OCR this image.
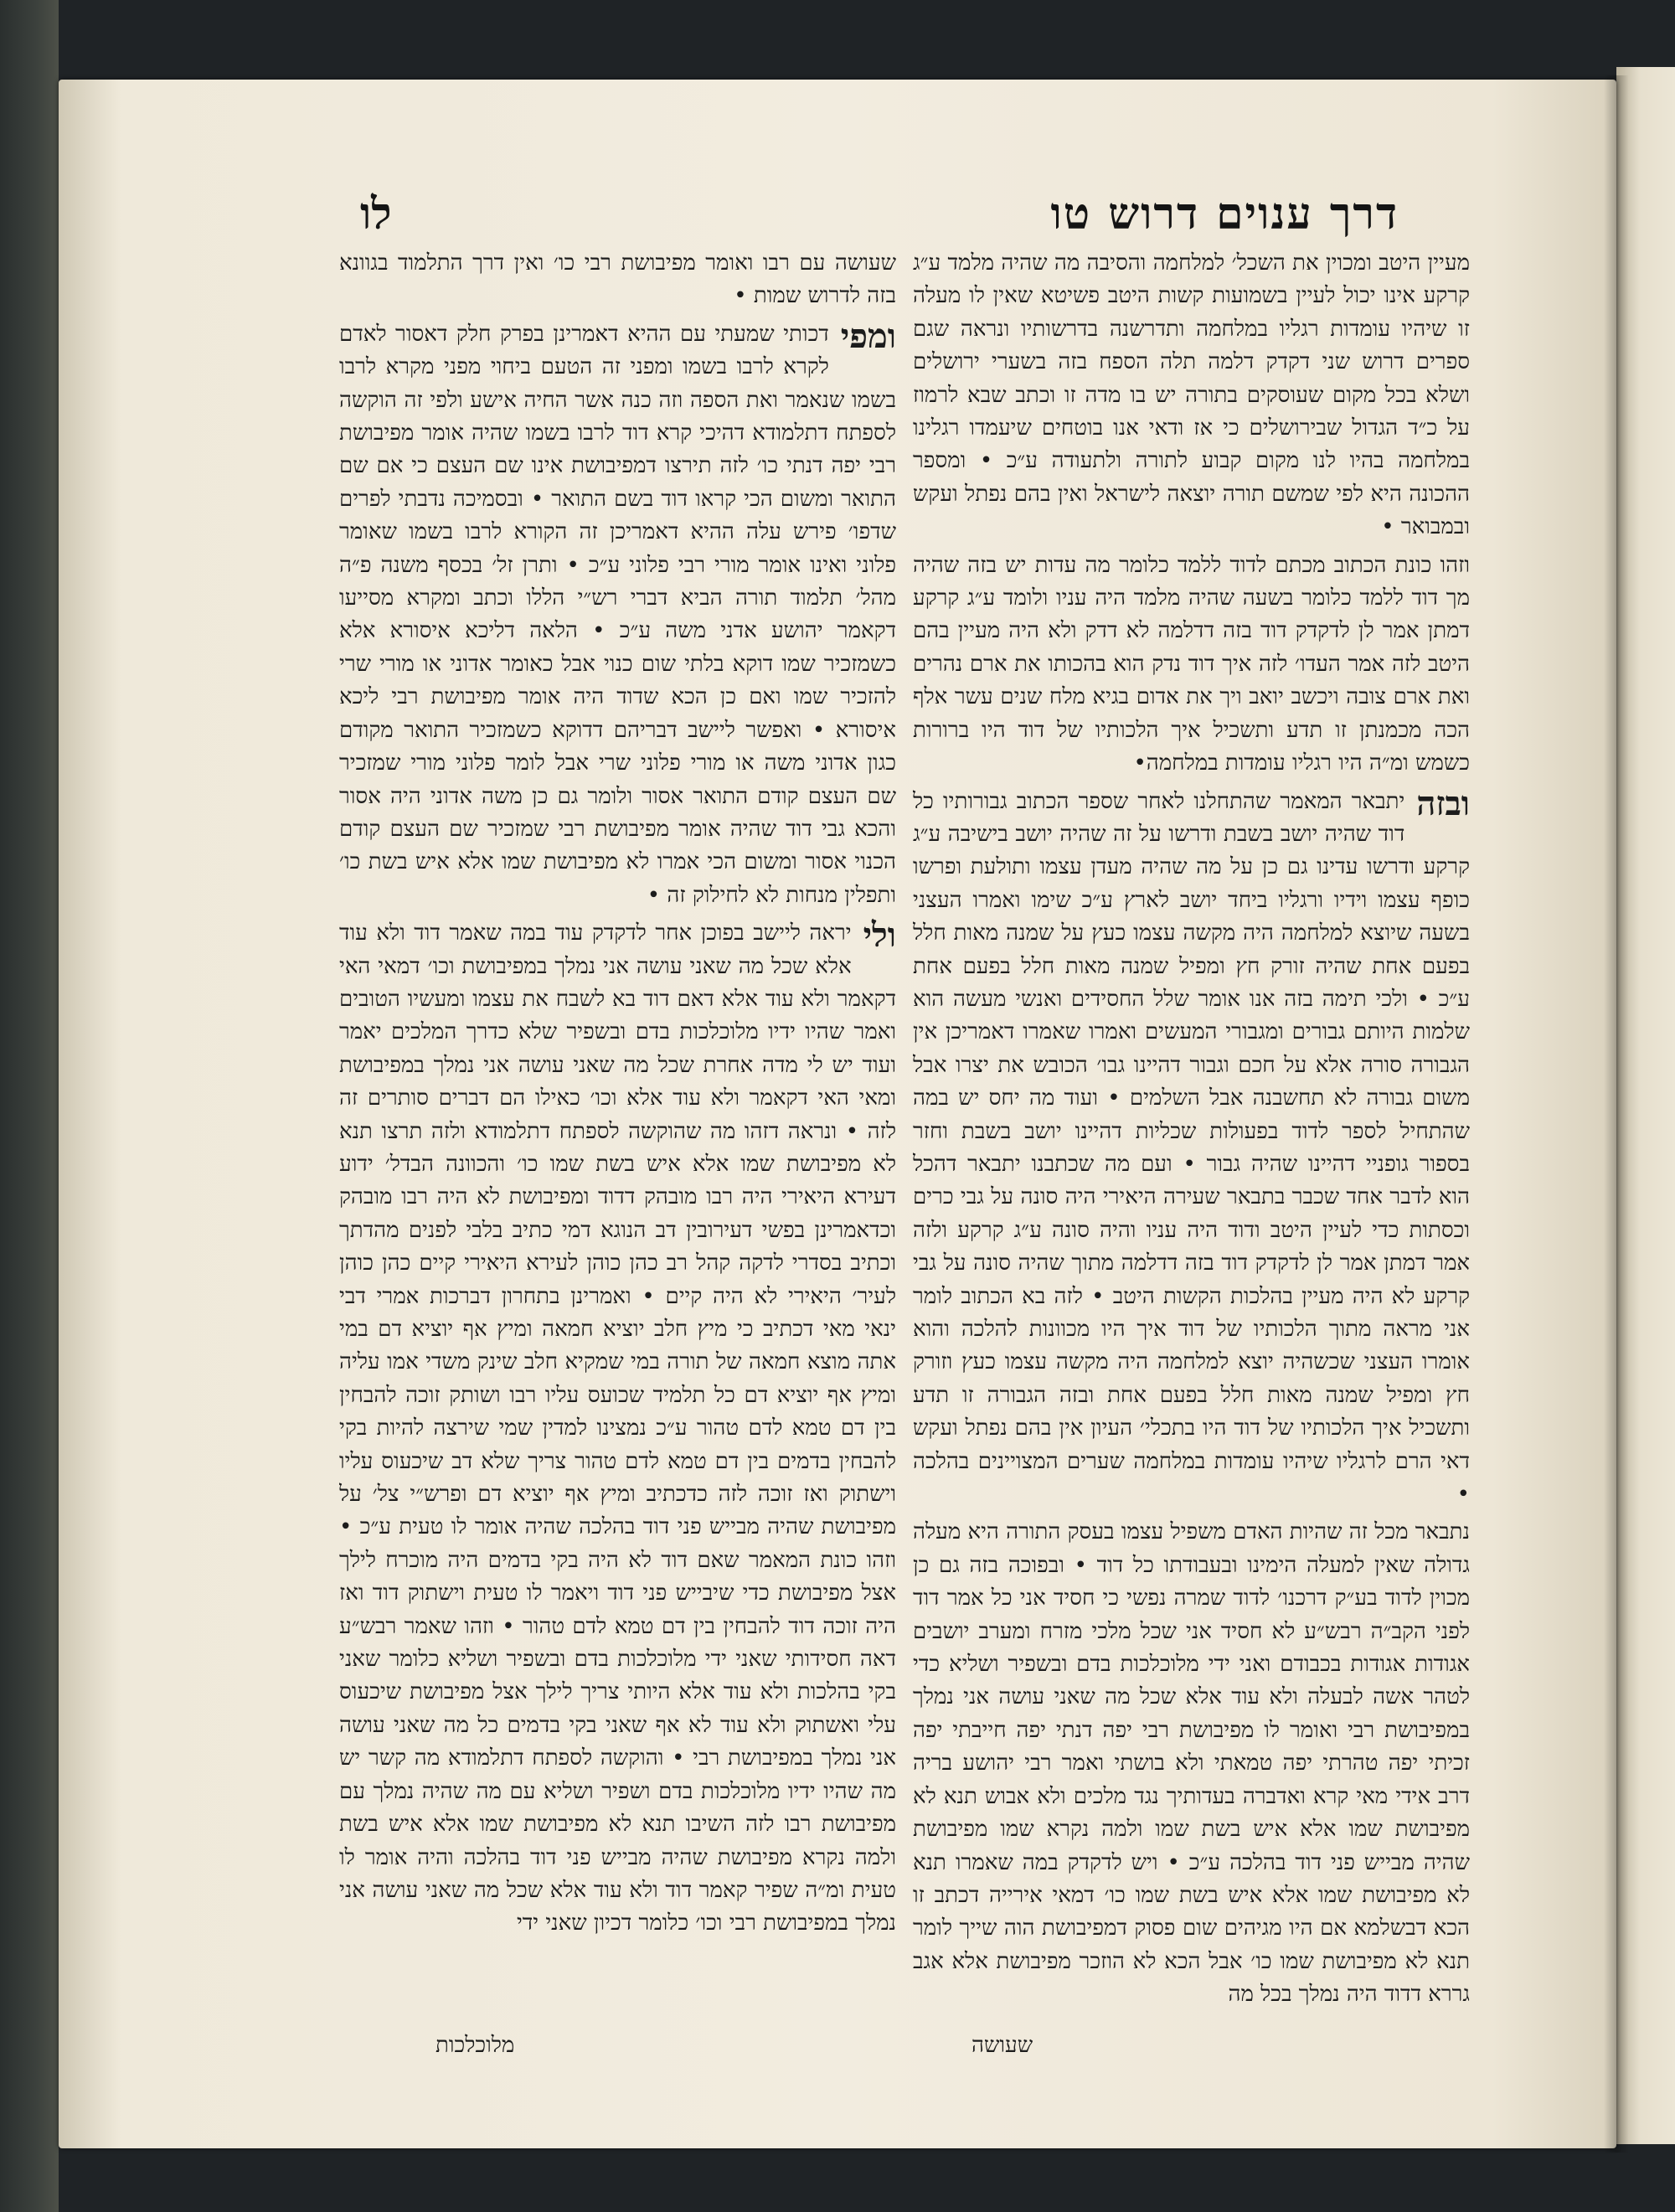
דרך ענוים דרוש טו
לו

מעיין היטב ומכוין את השכל׳ למלחמה והסיבה מה שהיה מלמד ע״ג קרקע אינו יכול לעיין בשמועות קשות היטב פשיטא שאין לו מעלה זו שיהיו עומדות רגליו במלחמה ותדרשנה בדרשותיו ונראה שגם ספרים דרוש שני דקדק דלמה תלה הספח בזה בשערי ירושלים ושלא בכל מקום שעוסקים בתורה יש בו מדה זו וכתב שבא לרמוז על כ״ד הגדול שבירושלים כי אז ודאי אנו בוטחים שיעמדו רגלינו במלחמה בהיו לנו מקום קבוע לתורה ולתעודה ע״כ • ומספר ההכונה היא לפי שמשם תורה יוצאה לישראל ואין בהם נפתל ועקש ובמבואר •

וזהו כונת הכתוב מכתם לדוד ללמד כלומר מה עדות יש בזה שהיה מך דוד ללמד כלומר בשעה שהיה מלמד היה עניו ולומד ע״ג קרקע דמתן אמר לן לדקדק דוד בזה דדלמה לא דדק ולא היה מעיין בהם היטב לזה אמר העדו׳ לזה איך דוד נדק הוא בהכותו את ארם נהרים ואת ארם צובה ויכשב יואב ויך את אדום בגיא מלח שנים עשר אלף הכה מכמנתן זו תדע ותשכיל איך הלכותיו של דוד היו ברורות כשמש ומ״ה היו רגליו עומדות במלחמה•

ובזה
יתבאר המאמר שהתחלנו לאחר שספר הכתוב גבורותיו כל דוד שהיה יושב בשבת ודרשו על זה שהיה יושב בישיבה ע״ג קרקע ודרשו עדינו גם כן על מה שהיה מעדן עצמו ותולעת ופרשו כופף עצמו וידיו ורגליו ביחד יושב לארץ ע״כ שימו ואמרו העצני בשעה שיוצא למלחמה היה מקשה עצמו כעץ על שמנה מאות חלל בפעם אחת שהיה זורק חץ ומפיל שמנה מאות חלל בפעם אחת ע״כ • ולכי תימה בזה אנו אומר שלל החסידים ואנשי מעשה הוא שלמות היותם גבורים ומגבורי המעשים ואמרו שאמרו דאמריכן אין הגבורה סורה אלא על חכם וגבור דהיינו גבו׳ הכובש את יצרו אבל משום גבורה לא תחשבנה אבל השלמים • ועוד מה יחס יש במה שהתחיל לספר לדוד בפעולות שכליות דהיינו יושב בשבת וחזר בספור גופניי דהיינו שהיה גבור • ועם מה שכתבנו יתבאר דהכל הוא לדבר אחד שכבר בתבאר שעירה היאירי היה סונה על גבי כרים וכסתות כדי לעיין היטב ודוד היה עניו והיה סונה ע״ג קרקע ולזה אמר דמתן אמר לן לדקדק דוד בזה דדלמה מתוך שהיה סונה על גבי קרקע לא היה מעיין בהלכות הקשות היטב • לזה בא הכתוב לומר אני מראה מתוך הלכותיו של דוד איך היו מכוונות להלכה והוא אומרו העצני שכשהיה יוצא למלחמה היה מקשה עצמו כעץ וזורק חץ ומפיל שמנה מאות חלל בפעם אחת ובזה הגבורה זו תדע ותשכיל איך הלכותיו של דוד היו בתכלי׳ העיון אין בהם נפתל ועקש דאי הרם לרגליו שיהיו עומדות במלחמה שערים המצויינים בהלכה •

נתבאר מכל זה שהיות האדם משפיל עצמו בעסק התורה היא מעלה גדולה שאין למעלה הימינו ובעבודתו כל דוד • ובפוכה בזה גם כן מכוין לדוד בע״ק דרכנו׳ לדוד שמרה נפשי כי חסיד אני כל אמר דוד לפני הקב״ה רבש״ע לא חסיד אני שכל מלכי מזרח ומערב יושבים אגודות אגודות בכבודם ואני ידי מלוכלכות בדם ובשפיר ושליא כדי לטהר אשה לבעלה ולא עוד אלא שכל מה שאני עושה אני נמלך במפיבושת רבי ואומר לו מפיבושת רבי יפה דנתי יפה חייבתי יפה זכיתי יפה טהרתי יפה טמאתי ולא בושתי ואמר רבי יהושע בריה דרב אידי מאי קרא ואדברה בעדותיך נגד מלכים ולא אבוש תנא לא מפיבושת שמו אלא איש בשת שמו ולמה נקרא שמו מפיבושת שהיה מבייש פני דוד בהלכה ע״כ • ויש לדקדק במה שאמרו תנא לא מפיבושת שמו אלא איש בשת שמו כו׳ דמאי אירייה דכתב זו הכא דבשלמא אם היו מגיהים שום פסוק דמפיבושת הוה שייך לומר תנא לא מפיבושת שמו כו׳ אבל הכא לא הוזכר מפיבושת אלא אגב גררא דדוד היה נמלך בכל מה

שעושה עם רבו ואומר מפיבושת רבי כו׳ ואין דרך התלמוד בגוונא בזה לדרוש שמות •

ומפי
דכותי שמעתי עם ההיא דאמרינן בפרק חלק דאסור לאדם לקרא לרבו בשמו ומפני זה הטעם ביחוי מפני מקרא לרבו בשמו שנאמר ואת הספה וזה כנה אשר החיה אישע ולפי זה הוקשה לספתח דתלמודא דהיכי קרא דוד לרבו בשמו שהיה אומר מפיבושת רבי יפה דנתי כו׳ לזה תירצו דמפיבושת אינו שם העצם כי אם שם התואר ומשום הכי קראו דוד בשם התואר • ובסמיכה נדבתי לפרים שדפו׳ פירש עלה ההיא דאמריכן זה הקורא לרבו בשמו שאומר פלוני ואינו אומר מורי רבי פלוני ע״כ • ותרן זל׳ בכסף משנה פ״ה מהל׳ תלמוד תורה הביא דברי רש״י הללו וכתב ומקרא מסייעו דקאמר יהושע אדני משה ע״כ • הלאה דליכא איסורא אלא כשמזכיר שמו דוקא בלתי שום כנוי אבל כאומר אדוני או מורי שרי להזכיר שמו ואם כן הכא שדוד היה אומר מפיבושת רבי ליכא איסורא • ואפשר ליישב דבריהם דדוקא כשמזכיר התואר מקודם כגון אדוני משה או מורי פלוני שרי אבל לומר פלוני מורי שמזכיר שם העצם קודם התואר אסור ולומר גם כן משה אדוני היה אסור והכא גבי דוד שהיה אומר מפיבושת רבי שמזכיר שם העצם קודם הכנוי אסור ומשום הכי אמרו לא מפיבושת שמו אלא איש בשת כו׳ ותפלין מנחות לא לחילוק זה •

ולי
יראה ליישב בפוכן אחר לדקדק עוד במה שאמר דוד ולא עוד אלא שכל מה שאני עושה אני נמלך במפיבושת וכו׳ דמאי האי דקאמר ולא עוד אלא דאם דוד בא לשבח את עצמו ומעשיו הטובים ואמר שהיו ידיו מלוכלכות בדם ובשפיר שלא כדרך המלכים יאמר ועוד יש לי מדה אחרת שכל מה שאני עושה אני נמלך במפיבושת ומאי האי דקאמר ולא עוד אלא וכו׳ כאילו הם דברים סותרים זה לזה • ונראה דזהו מה שהוקשה לספתח דתלמודא ולזה תרצו תנא לא מפיבושת שמו אלא איש בשת שמו כו׳ והכוונה הבדל׳ ידוע דעירא היאירי היה רבו מובהק דדוד ומפיבושת לא היה רבו מובהק וכדאמרינן בפשי דעירובין דב הנוגא דמי כתיב בלבי לפנים מהדתך וכתיב בסדרי לדקה קהל רב כהן כוהן לעירא היאירי קיים כהן כוהן לעיר׳ היאירי לא היה קיים • ואמרינן בתחרון דברכות אמרי דבי ינאי מאי דכתיב כי מיץ חלב יוציא חמאה ומיץ אף יוציא דם במי אתה מוצא חמאה של תורה במי שמקיא חלב שינק משדי אמו עליה ומיץ אף יוציא דם כל תלמיד שכועס עליו רבו ושותק זוכה להבחין בין דם טמא לדם טהור ע״כ נמצינו למדין שמי שירצה להיות בקי להבחין בדמים בין דם טמא לדם טהור צריך שלא דב שיכעוס עליו וישתוק ואז זוכה לזה כדכתיב ומיץ אף יוציא דם ופרש״י צל׳ על מפיבושת שהיה מבייש פני דוד בהלכה שהיה אומר לו טעית ע״כ • וזהו כונת המאמר שאם דוד לא היה בקי בדמים היה מוכרח לילך אצל מפיבושת כדי שיבייש פני דוד ויאמר לו טעית וישתוק דוד ואז היה זוכה דוד להבחין בין דם טמא לדם טהור • וזהו שאמר רבש״ע דאה חסידותי שאני ידי מלוכלכות בדם ובשפיר ושליא כלומר שאני בקי בהלכות ולא עוד אלא היותי צריך לילך אצל מפיבושת שיכעוס עלי ואשתוק ולא עוד לא אף שאני בקי בדמים כל מה שאני עושה אני נמלך במפיבושת רבי • והוקשה לספתח דתלמודא מה קשר יש מה שהיו ידיו מלוכלכות בדם ושפיר ושליא עם מה שהיה נמלך עם מפיבושת רבו לזה השיבו תנא לא מפיבושת שמו אלא איש בשת ולמה נקרא מפיבושת שהיה מבייש פני דוד בהלכה והיה אומר לו טעית ומ״ה שפיר קאמר דוד ולא עוד אלא שכל מה שאני עושה אני נמלך במפיבושת רבי וכו׳ כלומר דכיון שאני ידי

שעושה
מלוכלכות
